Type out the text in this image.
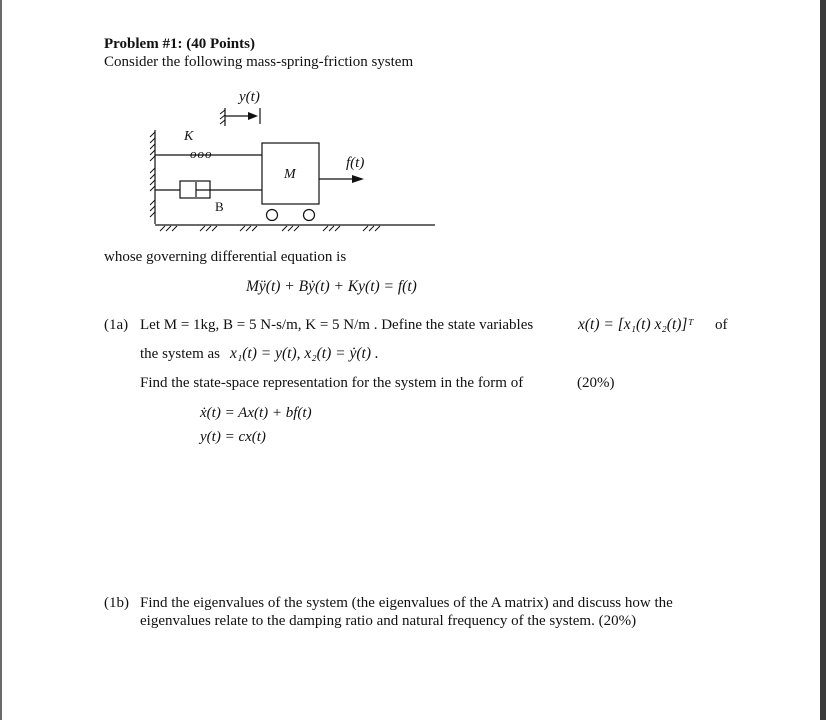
Problem #1: (40 Points)
Consider the following mass-spring-friction system
y(t)
K
ooo
M
B
f(t)
whose governing differential equation is
Mÿ(t) + Bẏ(t) + Ky(t) = f(t)
(1a) Let M = 1kg, B = 5 N-s/m, K = 5 N/m . Define the state variables	x(t) = [x₁(t) x₂(t)]ᵀ of
the system as x₁(t) = y(t), x₂(t) = ẏ(t) .
Find the state-space representation for the system in the form of	(20%)
ẋ(t) = Ax(t) + bf(t)
y(t) = cx(t)
(1b) Find the eigenvalues of the system (the eigenvalues of the A matrix) and discuss how the
eigenvalues relate to the damping ratio and natural frequency of the system. (20%)
